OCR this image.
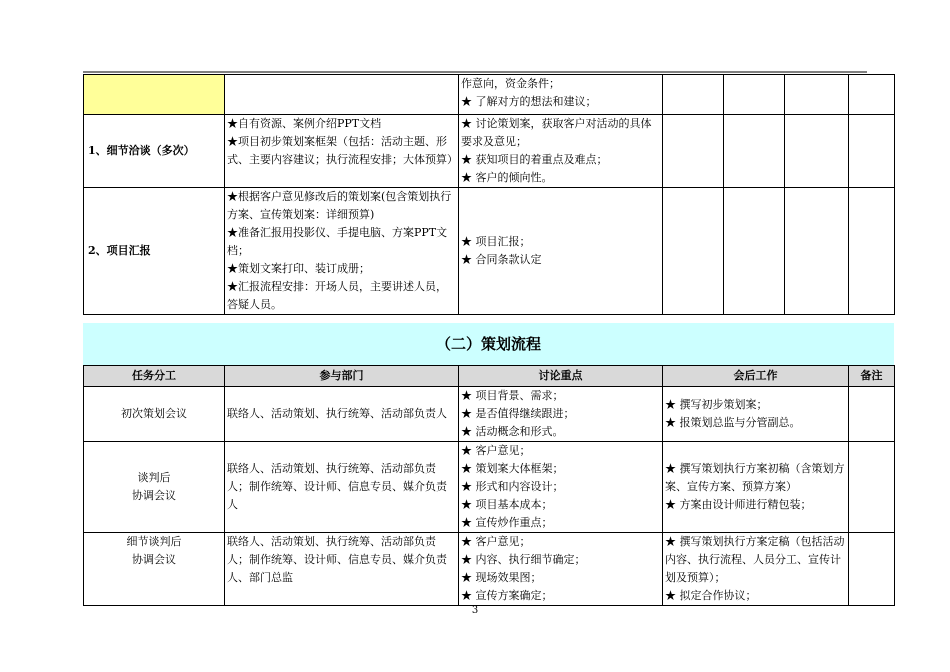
		作意向，资金条件；
★ 了解对方的想法和建议；				

1、细节洽谈（多次）	★自有资源、案例介绍PPT文档
★项目初步策划案框架（包括：活动主题、形式、主要内容建议；执行流程安排；大体预算）	★ 讨论策划案，获取客户对活动的具体要求及意见；
★ 获知项目的着重点及难点；
★ 客户的倾向性。				

2、项目汇报	★根据客户意见修改后的策划案(包含策划执行方案、宣传策划案：详细预算)
★准备汇报用投影仪、手提电脑、方案PPT文档；
★策划文案打印、装订成册；
★汇报流程安排：开场人员，主要讲述人员，答疑人员。	★ 项目汇报；
★ 合同条款认定				

（二）策划流程
任务分工	参与部门	讨论重点	会后工作	备注

初次策划会议	联络人、活动策划、执行统筹、活动部负责人	★ 项目背景、需求；
★ 是否值得继续跟进；
★ 活动概念和形式。	★ 撰写初步策划案；
★ 报策划总监与分管副总。	

谈判后
协调会议	联络人、活动策划、执行统筹、活动部负责人；制作统筹、设计师、信息专员、媒介负责人	★ 客户意见；
★ 策划案大体框架；
★ 形式和内容设计；
★ 项目基本成本；
★ 宣传炒作重点；	★ 撰写策划执行方案初稿（含策划方案、宣传方案、预算方案）
★ 方案由设计师进行精包装；	

细节谈判后
协调会议	联络人、活动策划、执行统筹、活动部负责人；制作统筹、设计师、信息专员、媒介负责人、部门总监	★ 客户意见；
★ 内容、执行细节确定；
★ 现场效果图；
★ 宣传方案确定；	★ 撰写策划执行方案定稿（包括活动内容、执行流程、人员分工、宣传计划及预算）；
★ 拟定合作协议；	

3
